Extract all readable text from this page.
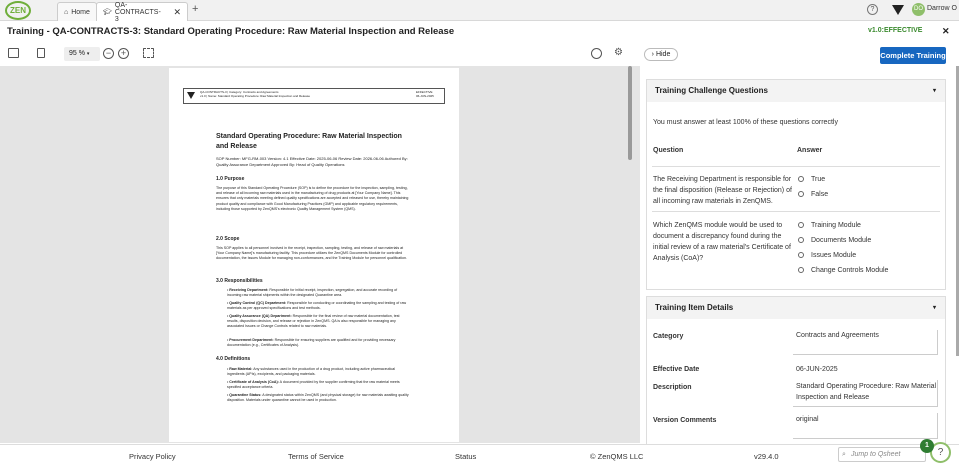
ZEN	⌂ Home 🎓︎
QA-CONTRACTS-3
✕ +	?	DO Darrow O
Training - QA-CONTRACTS-3: Standard Operating Procedure: Raw Material Inspection and Release	v1.0:EFFECTIVE ✕
95 % ▾	−	+	⚙	› Hide	Complete Training
QA-CONTRACTS-3 | Category: Contracts and Agreements
v1.0 | Name: Standard Operating Procedure: Raw Material Inspection and Release
EFFECTIVE
06-JUN-2025
Standard Operating Procedure: Raw Material Inspection and Release
SOP Number: MFG-RM-003 Version: 4.1 Effective Date: 2025-06-06 Review Date: 2026-06-06 Authored By: Quality Assurance Department Approved By: Head of Quality Operations
1.0 Purpose
The purpose of this Standard Operating Procedure (SOP) is to define the procedure for the inspection, sampling, testing, and release of all incoming raw materials used in the manufacturing of drug products at [Your Company Name]. This ensures that only materials meeting defined quality specifications are accepted and released for use, thereby maintaining product quality and compliance with Good Manufacturing Practices (GMP) and applicable regulatory requirements, including those supported by ZenQMS's electronic Quality Management System (QMS).
2.0 Scope
This SOP applies to all personnel involved in the receipt, inspection, sampling, testing, and release of raw materials at [Your Company Name]'s manufacturing facility. This procedure utilizes the ZenQMS Documents Module for controlled documentation, the Issues Module for managing non-conformances, and the Training Module for personnel qualification.
3.0 Responsibilities
• Receiving Department: Responsible for initial receipt, inspection, segregation, and accurate recording of incoming raw material shipments within the designated Quarantine area.
• Quality Control (QC) Department: Responsible for conducting or coordinating the sampling and testing of raw materials as per approved specifications and test methods.
• Quality Assurance (QA) Department: Responsible for the final review of raw material documentation, test results, disposition decision, and release or rejection in ZenQMS. QA is also responsible for managing any associated Issues or Change Controls related to raw materials.
• Procurement Department: Responsible for ensuring suppliers are qualified and for providing necessary documentation (e.g., Certificates of Analysis).
4.0 Definitions
• Raw Material: Any substances used in the production of a drug product, including active pharmaceutical ingredients (APIs), excipients, and packaging materials.
• Certificate of Analysis (CoA): A document provided by the supplier confirming that the raw material meets specified acceptance criteria.
• Quarantine Status: A designated status within ZenQMS (and physical storage) for raw materials awaiting quality disposition. Materials under quarantine cannot be used in production.
Training Challenge Questions	▾
You must answer at least 100% of these questions correctly
Question	Answer
The Receiving Department is responsible for the final disposition (Release or Rejection) of all incoming raw materials in ZenQMS.
True
False
Which ZenQMS module would be used to document a discrepancy found during the initial review of a raw material's Certificate of Analysis (CoA)?
Training Module
Documents Module
Issues Module
Change Controls Module
Training Item Details	▾
Category	Contracts and Agreements
Effective Date	06-JUN-2025
Description	Standard Operating Procedure: Raw Material Inspection and Release
Version Comments	original
Privacy Policy	Terms of Service	Status	© ZenQMS LLC	v29.4.0	⌕ Jump to Qsheet	?
1
